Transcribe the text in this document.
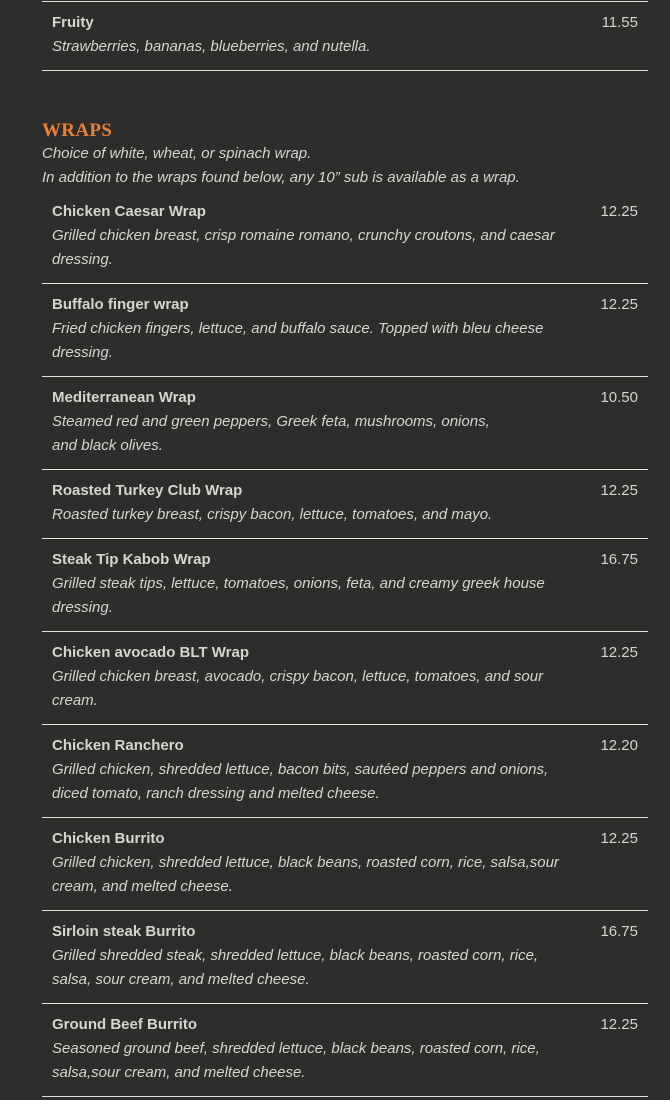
Fruity
Strawberries, bananas, blueberries, and nutella.
11.55
WRAPS
Choice of white, wheat, or spinach wrap.
In addition to the wraps found below, any 10” sub is available as a wrap.
Chicken Caesar Wrap
Grilled chicken breast, crisp romaine romano, crunchy croutons, and caesar dressing.
12.25
Buffalo finger wrap
Fried chicken fingers, lettuce, and buffalo sauce. Topped with bleu cheese dressing.
12.25
Mediterranean Wrap
Steamed red and green peppers, Greek feta, mushrooms, onions, and black olives.
10.50
Roasted Turkey Club Wrap
Roasted turkey breast, crispy bacon, lettuce, tomatoes, and mayo.
12.25
Steak Tip Kabob Wrap
Grilled steak tips, lettuce, tomatoes, onions, feta, and creamy greek house dressing.
16.75
Chicken avocado BLT Wrap
Grilled chicken breast, avocado, crispy bacon, lettuce, tomatoes, and sour cream.
12.25
Chicken Ranchero
Grilled chicken, shredded lettuce, bacon bits, sautéed peppers and onions, diced tomato, ranch dressing and melted cheese.
12.20
Chicken Burrito
Grilled chicken, shredded lettuce, black beans, roasted corn, rice, salsa,sour cream, and melted cheese.
12.25
Sirloin steak Burrito
Grilled shredded steak, shredded lettuce, black beans, roasted corn, rice, salsa, sour cream, and melted cheese.
16.75
Ground Beef Burrito
Seasoned ground beef, shredded lettuce, black beans, roasted corn, rice, salsa,sour cream, and melted cheese.
12.25
